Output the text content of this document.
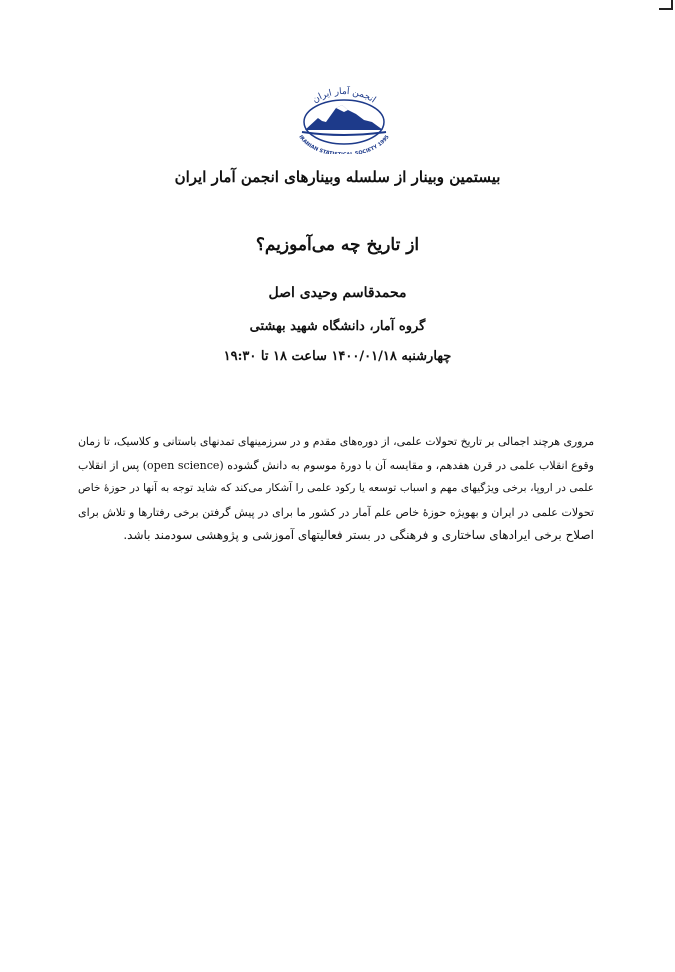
انجمن آمار ایران
IRANIAN STAT SOCIETY 1995
بیستمین وبینار از سلسله وبینارهای انجمن آمار ایران
از تاریخ چه می‌آموزیم؟
محمدقاسم وحیدی اصل
گروه آمار، دانشگاه شهید بهشتی
چهارشنبه ۱۴۰۰/۰۱/۱۸ ساعت ۱۸ تا ۱۹:۳۰
مروری هرچند اجمالی بر تاریخ تحولات علمی، از دوره‌های مقدم و در سرزمینهای تمدنهای باستانی و کلاسیک، تا زمان
وقوع انقلاب علمی در قرن هفدهم، و مقایسه آن با دورهٔ موسوم به دانش گشوده (open science) پس از انقلاب
علمی در اروپا، برخی ویژگیهای مهم و اسباب توسعه یا رکود علمی را آشکار می‌کند که شاید توجه به آنها در حوزهٔ خاص
تحولات علمی در ایران و بهویژه حوزهٔ خاص علم آمار در کشور ما برای در پیش گرفتن برخی رفتارها و تلاش برای
اصلاح برخی ایرادهای ساختاری و فرهنگی در بستر فعالیتهای آموزشی و پژوهشی سودمند باشد.
